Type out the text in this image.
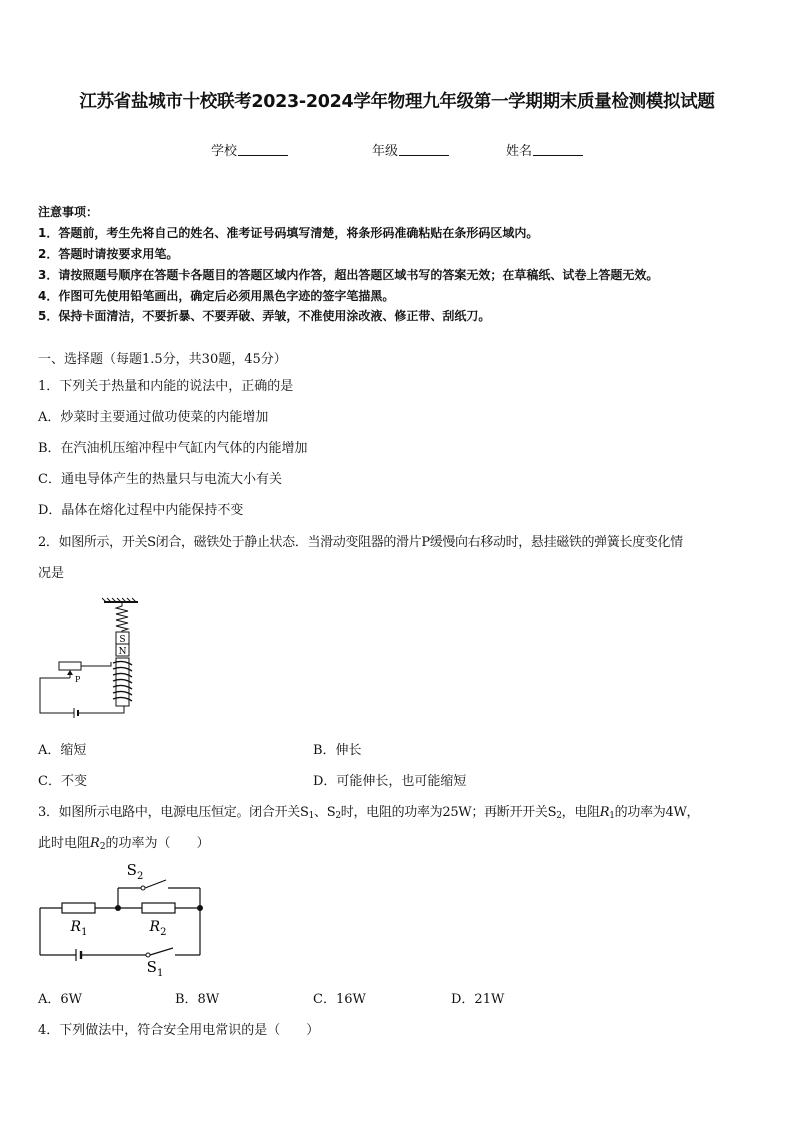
江苏省盐城市十校联考2023-2024学年物理九年级第一学期期末质量检测模拟试题
学校	年级	姓名
注意事项：
1．答题前，考生先将自己的姓名、准考证号码填写清楚，将条形码准确粘贴在条形码区域内。
2．答题时请按要求用笔。
3．请按照题号顺序在答题卡各题目的答题区域内作答，超出答题区域书写的答案无效；在草稿纸、试卷上答题无效。
4．作图可先使用铅笔画出，确定后必须用黑色字迹的签字笔描黑。
5．保持卡面清洁，不要折暴、不要弄破、弄皱，不准使用涂改液、修正带、刮纸刀。
一、选择题（每题1.5分，共30题，45分）
1．下列关于热量和内能的说法中，正确的是
A．炒菜时主要通过做功使菜的内能增加
B．在汽油机压缩冲程中气缸内气体的内能增加
C．通电导体产生的热量只与电流大小有关
D．晶体在熔化过程中内能保持不变
2．如图所示，开关S闭合，磁铁处于静止状态．当滑动变阻器的滑片P缓慢向右移动时，悬挂磁铁的弹簧长度变化情
况是
S
N
P
A．缩短	B．伸长
C．不变	D．可能伸长，也可能缩短
3．如图所示电路中，电源电压恒定。闭合开关$S_1$、$S_2$时，电阻的功率为25W；再断开开关$S_2$，电阻$R_1$的功率为4W，
此时电阻$R_2$的功率为（　　）
$S_2$
$R_1$	$R_2$
$S_1$
A．6W	B．8W	C．16W	D．21W
4．下列做法中，符合安全用电常识的是（　　）
